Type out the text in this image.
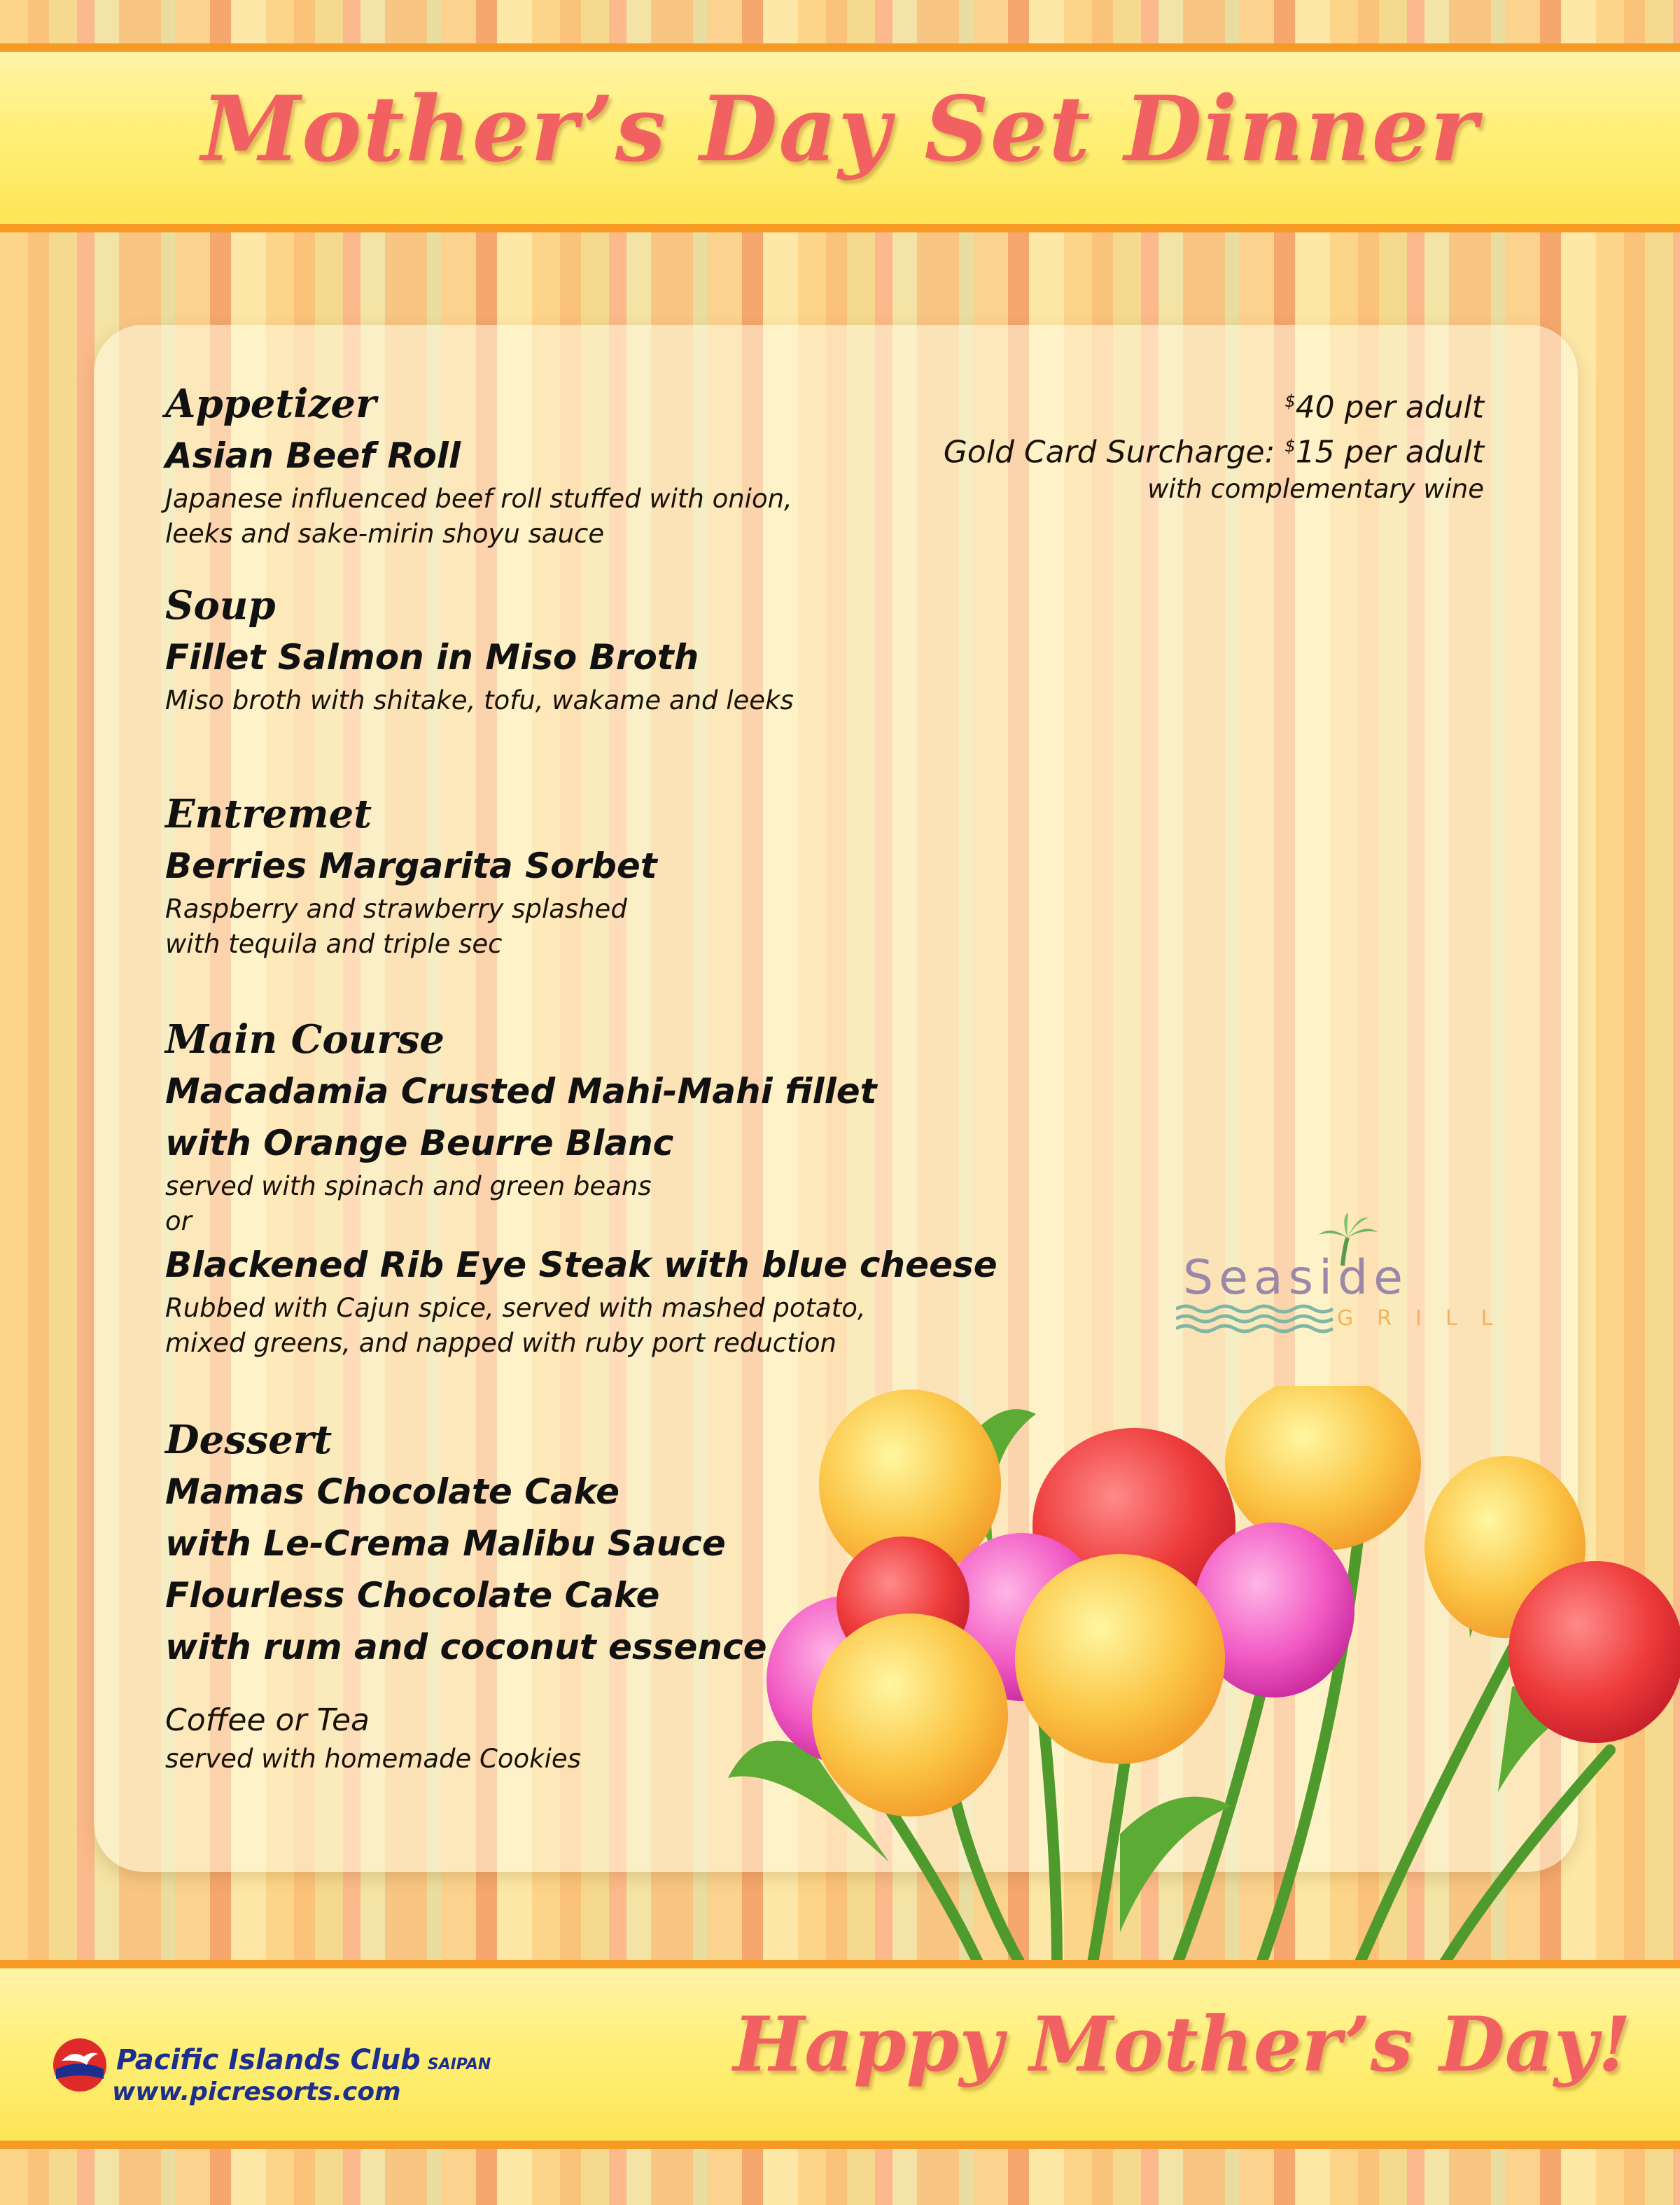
Mother’s Day Set Dinner
Appetizer
Asian Beef Roll
Japanese influenced beef roll stuffed with onion,
leeks and sake-mirin shoyu sauce
Soup
Fillet Salmon in Miso Broth
Miso broth with shitake, tofu, wakame and leeks
Entremet
Berries Margarita Sorbet
Raspberry and strawberry splashed
with tequila and triple sec
Main Course
Macadamia Crusted Mahi-Mahi fillet
with Orange Beurre Blanc
served with spinach and green beans
or
Blackened Rib Eye Steak with blue cheese
Rubbed with Cajun spice, served with mashed potato,
mixed greens, and napped with ruby port reduction
Dessert
Mamas Chocolate Cake
with Le-Crema Malibu Sauce
Flourless Chocolate Cake
with rum and coconut essence
Coffee or Tea
served with homemade Cookies
$40 per adult
Gold Card Surcharge: $15 per adult
with complementary wine
Seaside
GRILL
Pacific Islands Club SAIPAN
www.picresorts.com
Happy Mother’s Day!
